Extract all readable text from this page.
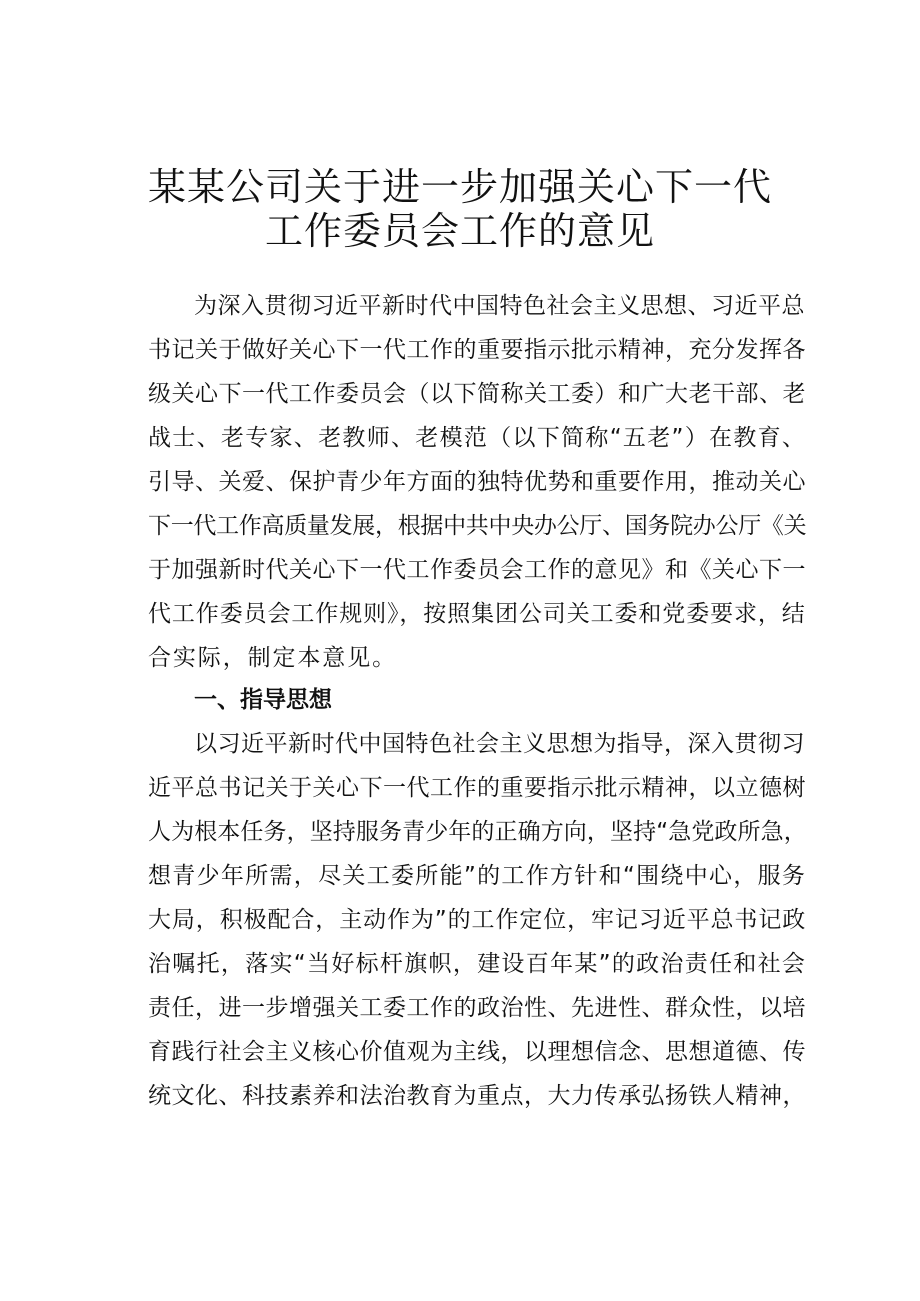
某某公司关于进一步加强关心下一代
工作委员会工作的意见
为深入贯彻习近平新时代中国特色社会主义思想、习近平总
书记关于做好关心下一代工作的重要指示批示精神，充分发挥各
级关心下一代工作委员会（以下简称关工委）和广大老干部、老
战士、老专家、老教师、老模范（以下简称“五老”）在教育、
引导、关爱、保护青少年方面的独特优势和重要作用，推动关心
下一代工作高质量发展，根据中共中央办公厅、国务院办公厅《关
于加强新时代关心下一代工作委员会工作的意见》和《关心下一
代工作委员会工作规则》，按照集团公司关工委和党委要求，结
合实际，制定本意见。
一、指导思想
以习近平新时代中国特色社会主义思想为指导，深入贯彻习
近平总书记关于关心下一代工作的重要指示批示精神，以立德树
人为根本任务，坚持服务青少年的正确方向，坚持“急党政所急，
想青少年所需，尽关工委所能”的工作方针和“围绕中心，服务
大局，积极配合，主动作为”的工作定位，牢记习近平总书记政
治嘱托，落实“当好标杆旗帜，建设百年某”的政治责任和社会
责任，进一步增强关工委工作的政治性、先进性、群众性，以培
育践行社会主义核心价值观为主线，以理想信念、思想道德、传
统文化、科技素养和法治教育为重点，大力传承弘扬铁人精神，
